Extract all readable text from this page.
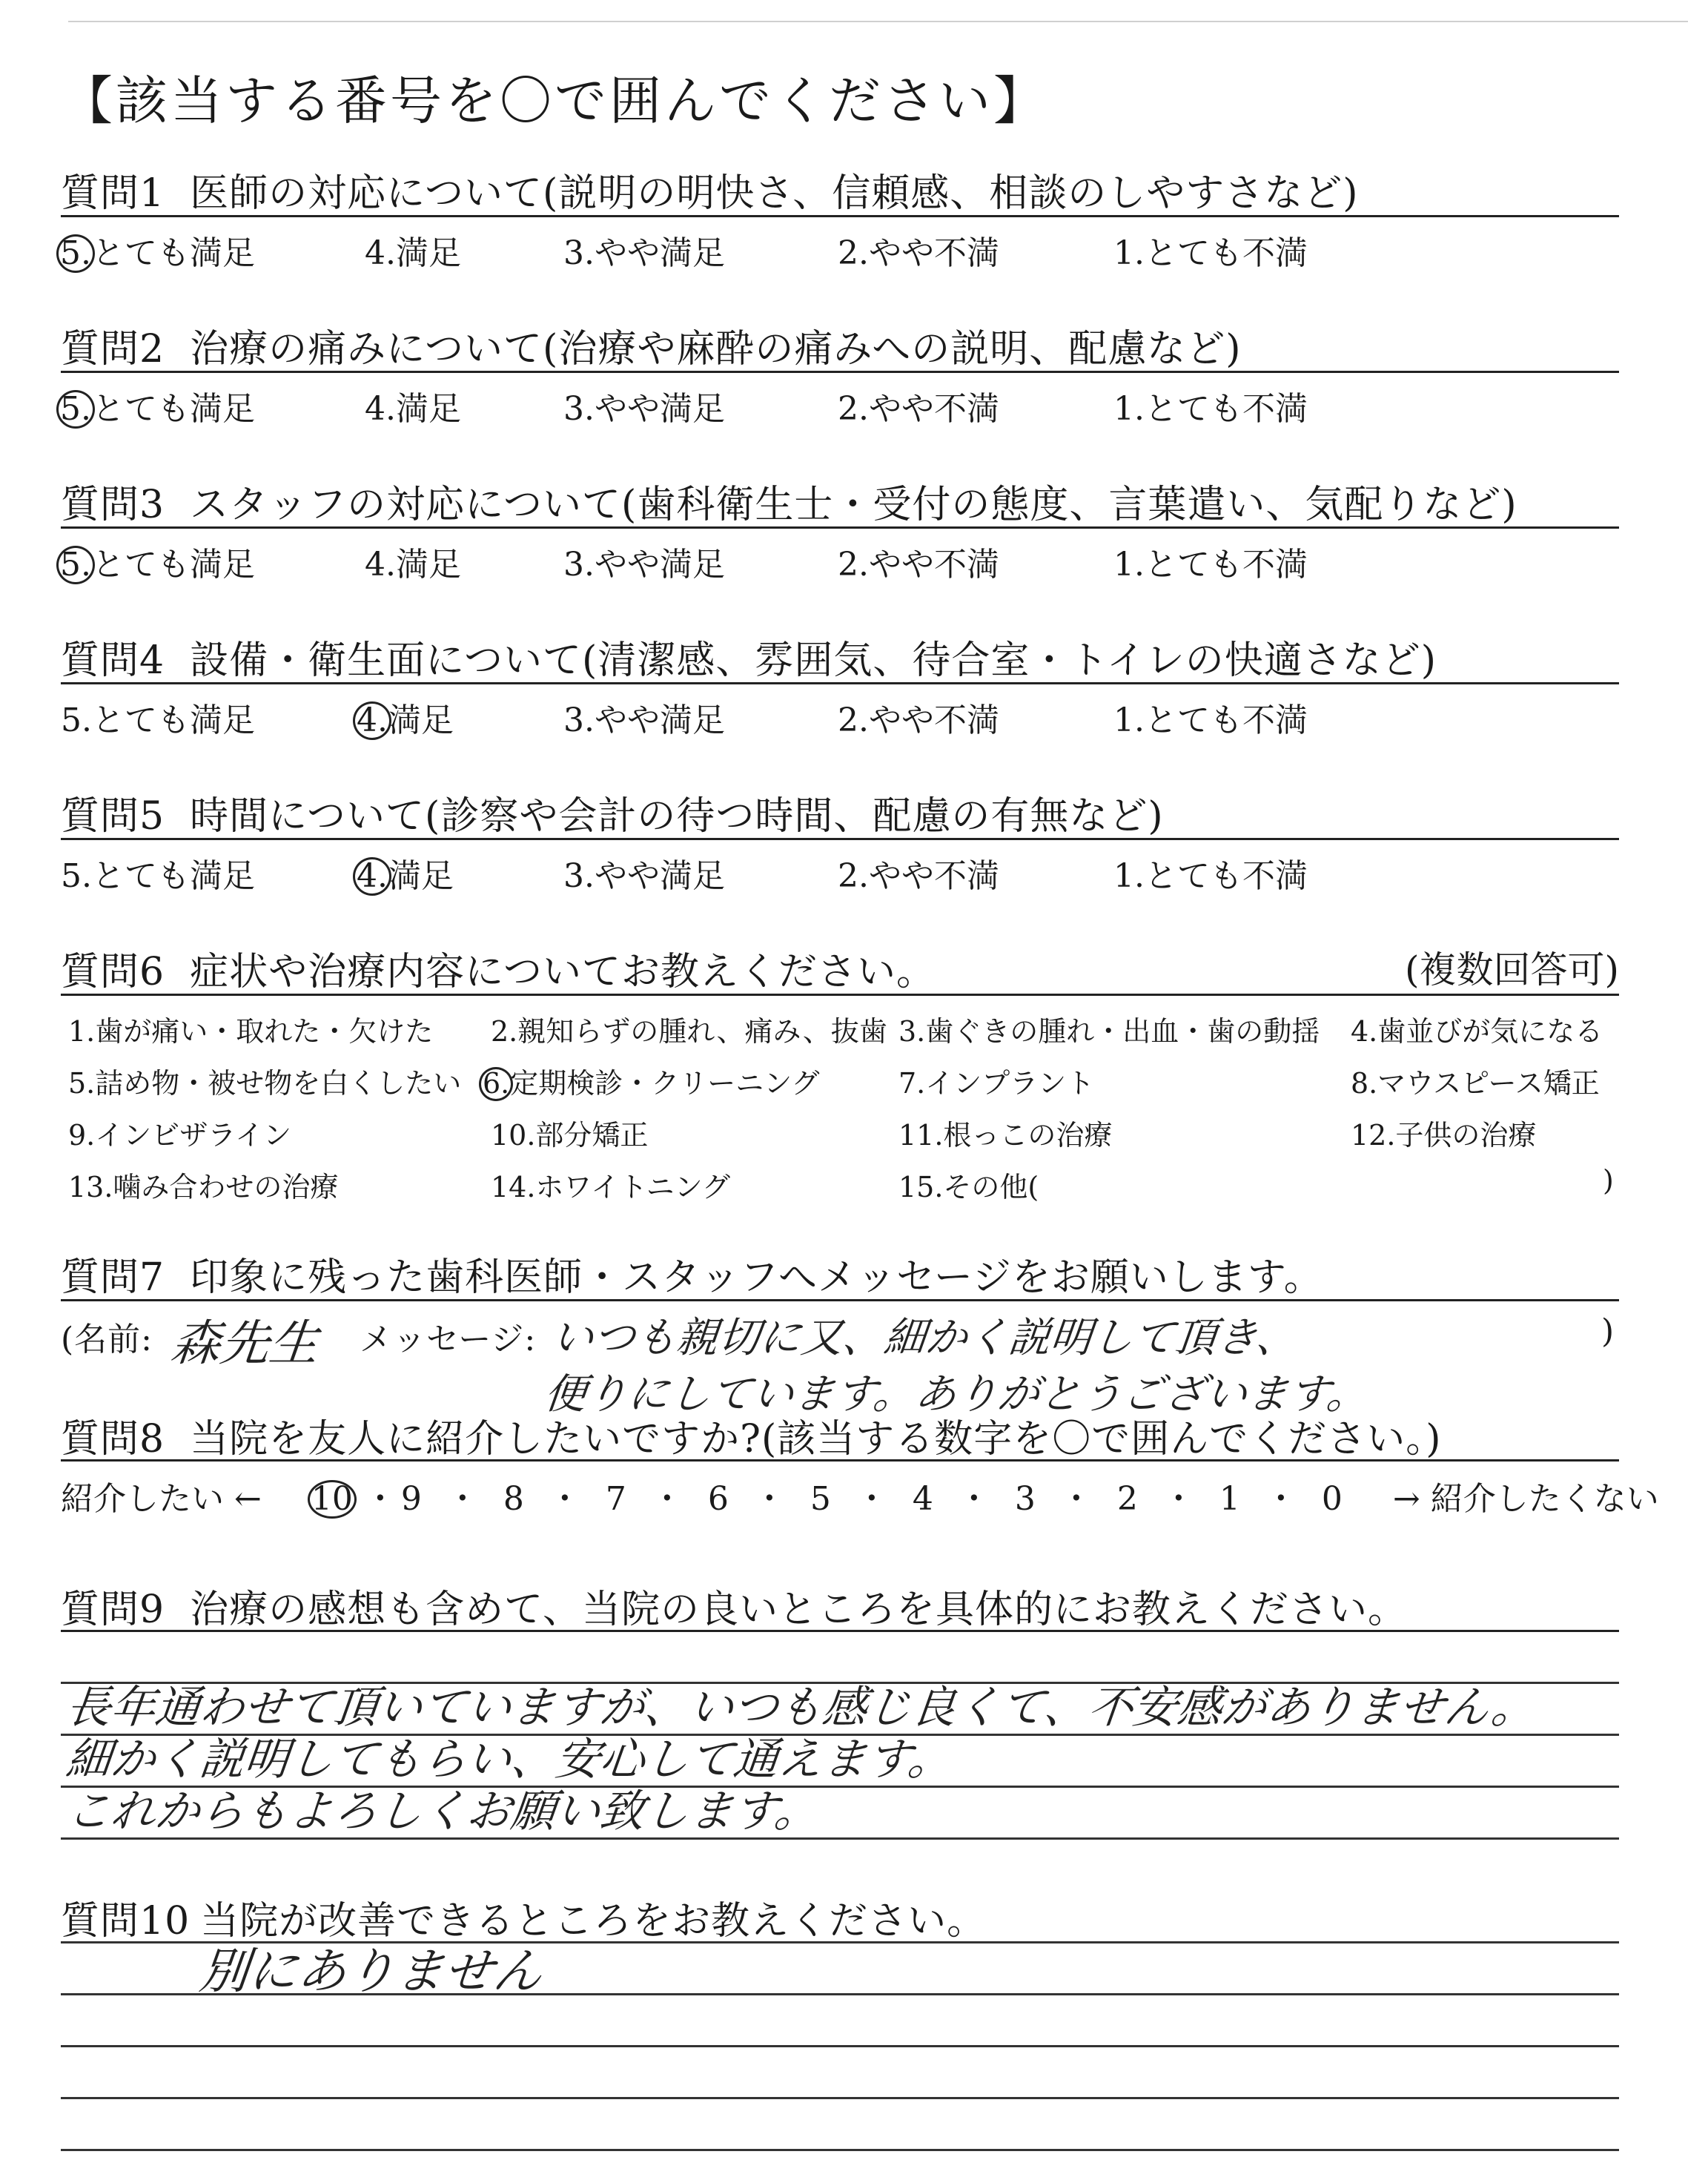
【該当する番号を〇で囲んでください】
質問1 医師の対応について(説明の明快さ、信頼感、相談のしやすさなど)
5.とても満足	4.満足	3.やや満足	2.やや不満	1.とても不満
質問2 治療の痛みについて(治療や麻酔の痛みへの説明、配慮など)
5.とても満足	4.満足	3.やや満足	2.やや不満	1.とても不満
質問3 スタッフの対応について(歯科衛生士・受付の態度、言葉遣い、気配りなど)
5.とても満足	4.満足	3.やや満足	2.やや不満	1.とても不満
質問4 設備・衛生面について(清潔感、雰囲気、待合室・トイレの快適さなど)
5.とても満足	4.満足	3.やや満足	2.やや不満	1.とても不満
質問5 時間について(診察や会計の待つ時間、配慮の有無など)
5.とても満足	4.満足	3.やや満足	2.やや不満	1.とても不満
質問6 症状や治療内容についてお教えください。	(複数回答可)
1.歯が痛い・取れた・欠けた 2.親知らずの腫れ、痛み、抜歯 3.歯ぐきの腫れ・出血・歯の動揺 4.歯並びが気になる
5.詰め物・被せ物を白くしたい 6.定期検診・クリーニング	7.インプラント	8.マウスピース矯正
9.インビザライン	10.部分矯正	11.根っこの治療	12.子供の治療
13.噛み合わせの治療	14.ホワイトニング	15.その他(	)
質問7 印象に残った歯科医師・スタッフへメッセージをお願いします。
(名前: 森先生 メッセージ: いつも親切に又、細かく説明して頂き、	)
便りにしています。ありがとうございます。
質問8 当院を友人に紹介したいですか?(該当する数字を〇で囲んでください。)
紹介したい ← 10 ・ 9 ・ 8 ・ 7 ・ 6 ・ 5 ・ 4 ・ 3 ・ 2 ・ 1 ・ 0 → 紹介したくない
質問9 治療の感想も含めて、当院の良いところを具体的にお教えください。
長年通わせて頂いていますが、いつも感じ良くて、不安感がありません。
細かく説明してもらい、安心して通えます。
これからもよろしくお願い致します。
質問10 当院が改善できるところをお教えください。
別にありません
